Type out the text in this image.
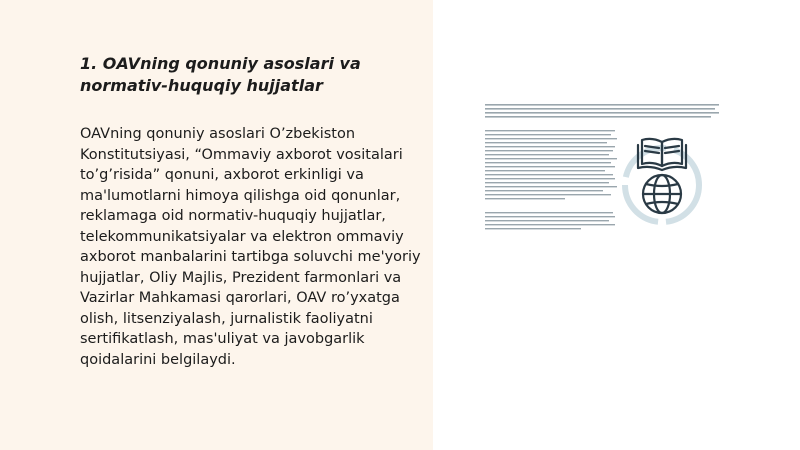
1. OAVning qonuniy asoslari va normativ-huquqiy hujjatlar

OAVning qonuniy asoslari O’zbekiston Konstitutsiyasi, “Ommaviy axborot vositalari to’g’risida” qonuni, axborot erkinligi va ma'lumotlarni himoya qilishga oid qonunlar, reklamaga oid normativ-huquqiy hujjatlar, telekommunikatsiyalar va elektron ommaviy axborot manbalarini tartibga soluvchi me'yoriy hujjatlar, Oliy Majlis, Prezident farmonlari va Vazirlar Mahkamasi qarorlari, OAV ro’yxatga olish, litsenziyalash, jurnalistik faoliyatni sertifikatlash, mas'uliyat va javobgarlik qoidalarini belgilaydi.
